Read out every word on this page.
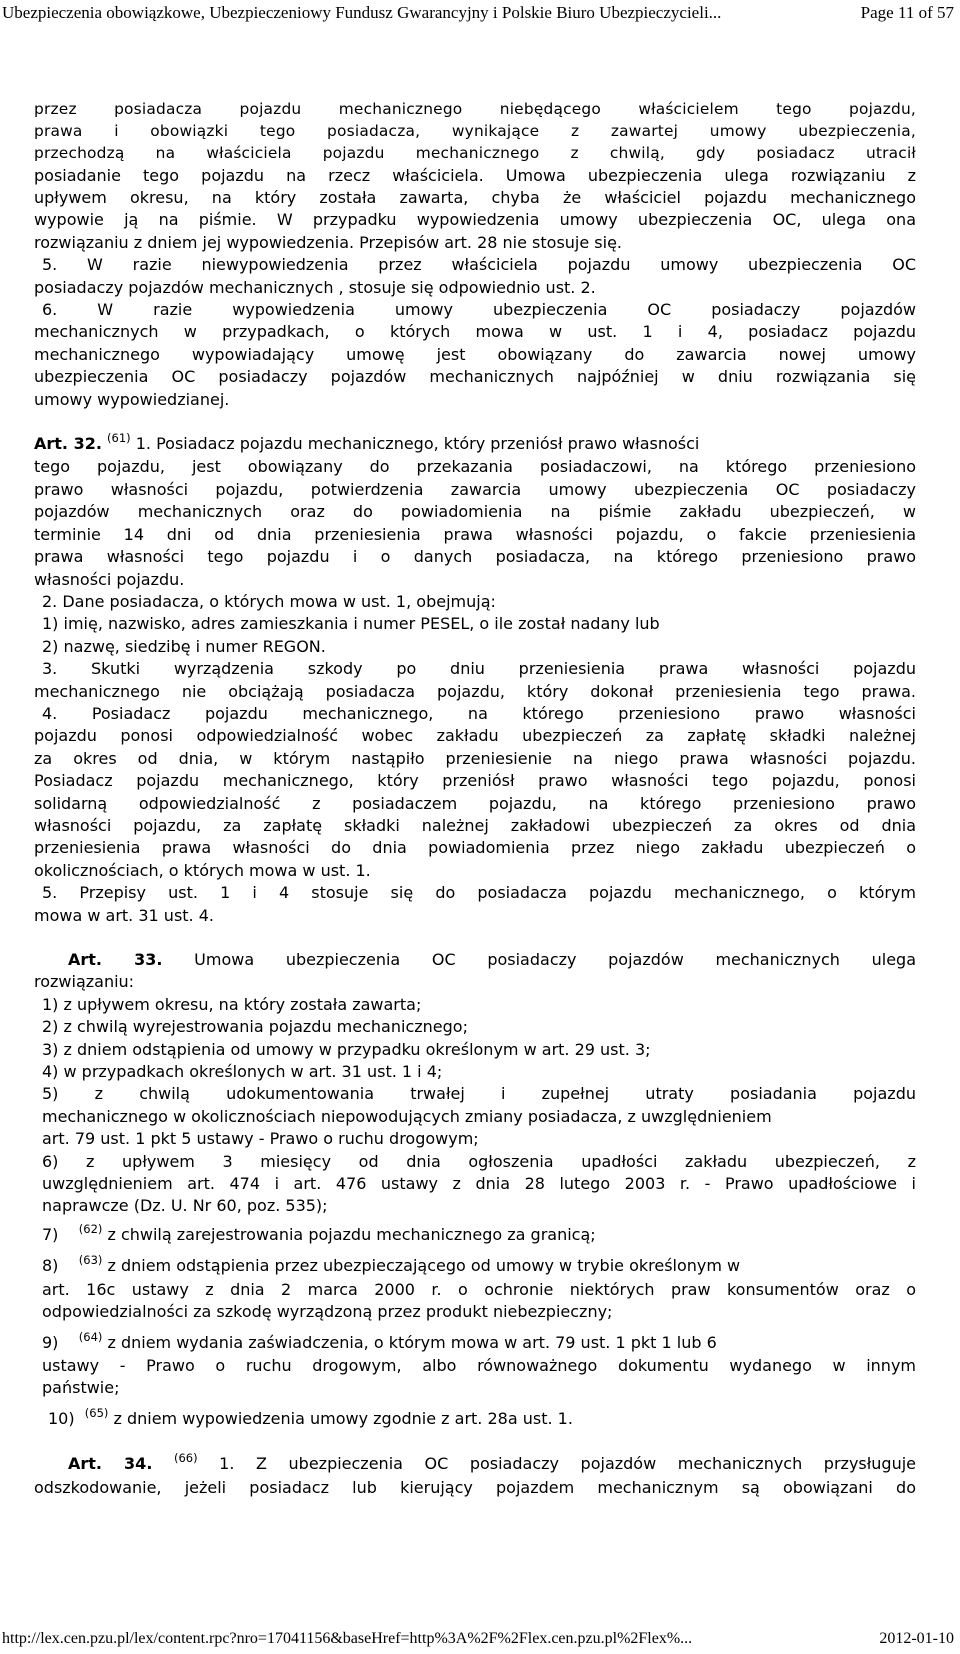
Ubezpieczenia obowiązkowe, Ubezpieczeniowy Fundusz Gwarancyjny i Polskie Biuro Ubezpieczycieli...	Page 11 of 57
przez posiadacza pojazdu mechanicznego niebędącego właścicielem tego pojazdu,
prawa i obowiązki tego posiadacza, wynikające z zawartej umowy ubezpieczenia,
przechodzą na właściciela pojazdu mechanicznego z chwilą, gdy posiadacz utracił
posiadanie tego pojazdu na rzecz właściciela. Umowa ubezpieczenia ulega rozwiązaniu z
upływem okresu, na który została zawarta, chyba że właściciel pojazdu mechanicznego
wypowie ją na piśmie. W przypadku wypowiedzenia umowy ubezpieczenia OC, ulega ona
rozwiązaniu z dniem jej wypowiedzenia. Przepisów art. 28 nie stosuje się.
5. W razie niewypowiedzenia przez właściciela pojazdu umowy ubezpieczenia OC
posiadaczy pojazdów mechanicznych , stosuje się odpowiednio ust. 2.
6. W razie wypowiedzenia umowy ubezpieczenia OC posiadaczy pojazdów
mechanicznych w przypadkach, o których mowa w ust. 1 i 4, posiadacz pojazdu
mechanicznego wypowiadający umowę jest obowiązany do zawarcia nowej umowy
ubezpieczenia OC posiadaczy pojazdów mechanicznych najpóźniej w dniu rozwiązania się
umowy wypowiedzianej.
Art. 32. $^{(61)}$ 1. Posiadacz pojazdu mechanicznego, który przeniósł prawo własności
tego pojazdu, jest obowiązany do przekazania posiadaczowi, na którego przeniesiono
prawo własności pojazdu, potwierdzenia zawarcia umowy ubezpieczenia OC posiadaczy
pojazdów mechanicznych oraz do powiadomienia na piśmie zakładu ubezpieczeń, w
terminie 14 dni od dnia przeniesienia prawa własności pojazdu, o fakcie przeniesienia
prawa własności tego pojazdu i o danych posiadacza, na którego przeniesiono prawo
własności pojazdu.
2. Dane posiadacza, o których mowa w ust. 1, obejmują:
1) imię, nazwisko, adres zamieszkania i numer PESEL, o ile został nadany lub
2) nazwę, siedzibę i numer REGON.
3. Skutki wyrządzenia szkody po dniu przeniesienia prawa własności pojazdu
mechanicznego nie obciążają posiadacza pojazdu, który dokonał przeniesienia tego prawa.
4. Posiadacz pojazdu mechanicznego, na którego przeniesiono prawo własności
pojazdu ponosi odpowiedzialność wobec zakładu ubezpieczeń za zapłatę składki należnej
za okres od dnia, w którym nastąpiło przeniesienie na niego prawa własności pojazdu.
Posiadacz pojazdu mechanicznego, który przeniósł prawo własności tego pojazdu, ponosi
solidarną odpowiedzialność z posiadaczem pojazdu, na którego przeniesiono prawo
własności pojazdu, za zapłatę składki należnej zakładowi ubezpieczeń za okres od dnia
przeniesienia prawa własności do dnia powiadomienia przez niego zakładu ubezpieczeń o
okolicznościach, o których mowa w ust. 1.
5. Przepisy ust. 1 i 4 stosuje się do posiadacza pojazdu mechanicznego, o którym
mowa w art. 31 ust. 4.
Art. 33. Umowa ubezpieczenia OC posiadaczy pojazdów mechanicznych ulega
rozwiązaniu:
1) z upływem okresu, na który została zawarta;
2) z chwilą wyrejestrowania pojazdu mechanicznego;
3) z dniem odstąpienia od umowy w przypadku określonym w art. 29 ust. 3;
4) w przypadkach określonych w art. 31 ust. 1 i 4;
5) z chwilą udokumentowania trwałej i zupełnej utraty posiadania pojazdu
mechanicznego w okolicznościach niepowodujących zmiany posiadacza, z uwzględnieniem
art. 79 ust. 1 pkt 5 ustawy - Prawo o ruchu drogowym;
6) z upływem 3 miesięcy od dnia ogłoszenia upadłości zakładu ubezpieczeń, z
uwzględnieniem art. 474 i art. 476 ustawy z dnia 28 lutego 2003 r. - Prawo upadłościowe i
naprawcze (Dz. U. Nr 60, poz. 535);
7) $^{(62)}$ z chwilą zarejestrowania pojazdu mechanicznego za granicą;
8) $^{(63)}$ z dniem odstąpienia przez ubezpieczającego od umowy w trybie określonym w
art. 16c ustawy z dnia 2 marca 2000 r. o ochronie niektórych praw konsumentów oraz o
odpowiedzialności za szkodę wyrządzoną przez produkt niebezpieczny;
9) $^{(64)}$ z dniem wydania zaświadczenia, o którym mowa w art. 79 ust. 1 pkt 1 lub 6
ustawy - Prawo o ruchu drogowym, albo równoważnego dokumentu wydanego w innym
państwie;
10) $^{(65)}$ z dniem wypowiedzenia umowy zgodnie z art. 28a ust. 1.
Art. 34. $^{(66)}$ 1. Z ubezpieczenia OC posiadaczy pojazdów mechanicznych przysługuje
odszkodowanie, jeżeli posiadacz lub kierujący pojazdem mechanicznym są obowiązani do
http://lex.cen.pzu.pl/lex/content.rpc?nro=17041156&baseHref=http%3A%2F%2Flex.cen.pzu.pl%2Flex%...	2012-01-10
